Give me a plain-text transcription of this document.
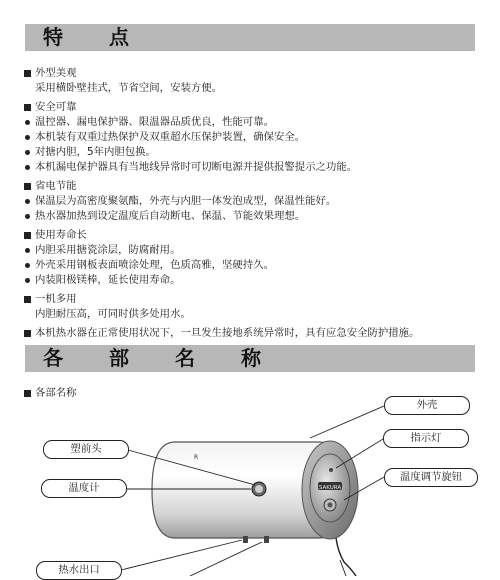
特　点
外型美观
采用横卧壁挂式，节省空间，安装方便。
安全可靠
温控器、漏电保护器、限温器品质优良，性能可靠。
本机装有双重过热保护及双重超水压保护装置，确保安全。
对搪内胆，5年内胆包换。
本机漏电保护器具有当地线异常时可切断电源并提供报警提示之功能。
省电节能
保温层为高密度聚氨酯，外壳与内胆一体发泡成型，保温性能好。
热水器加热到设定温度后自动断电、保温、节能效果理想。
使用寿命长
内胆采用搪瓷涂层，防腐耐用。
外壳采用钢板表面喷涂处理，色质高雅，坚硬持久。
内装阳极镁棒，延长使用寿命。
一机多用
内胆耐压高，可同时供多处用水。
本机热水器在正常使用状况下，一旦发生接地系统异常时，具有应急安全防护措施。
各　部　名　称
各部名称
SAKURA
R
外壳
指示灯
温度调节旋钮
塑前头
温度计
热水出口
